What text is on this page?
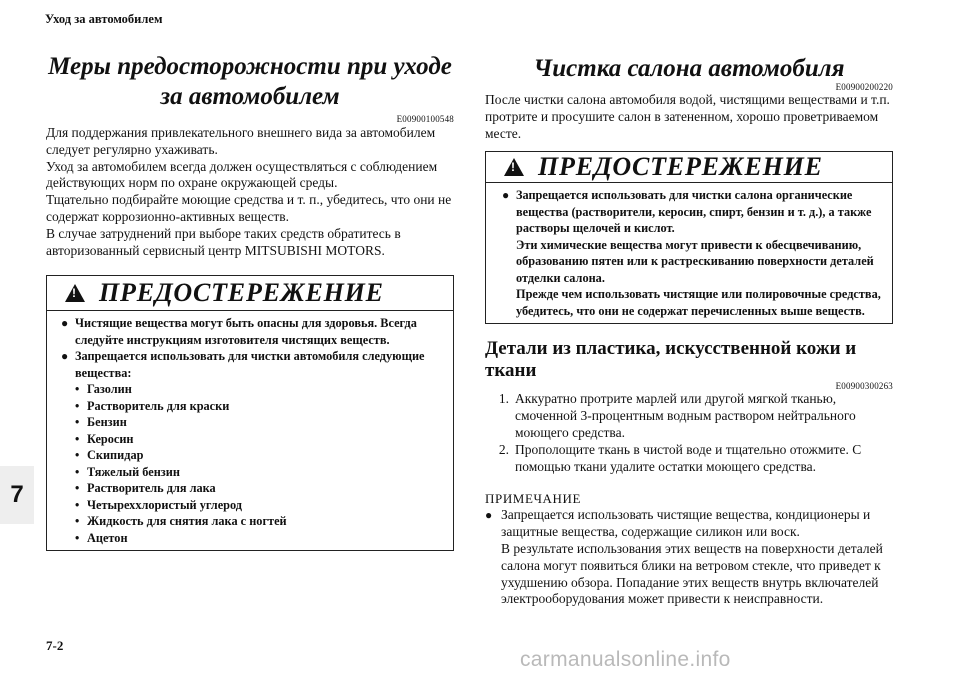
Уход за автомобилем
7
7-2
carmanualsonline.info
Меры предосторожности при уходе
за автомобилем
E00900100548

Для поддержания привлекательного внешнего вида за автомобилем следует регулярно ухаживать.

Уход за автомобилем всегда должен осуществляться с соблюдением действующих норм по охране окружающей среды.

Тщательно подбирайте моющие средства и т. п., убедитесь, что они не содержат коррозионно-активных веществ.

В случае затруднений при выборе таких средств обратитесь в авторизованный сервисный центр MITSUBISHI MOTORS.

!
ПРЕДОСТЕРЕЖЕНИЕ
● Чистящие вещества могут быть опасны для здоровья. Всегда следуйте инструкциям изготовителя чистящих веществ.
● Запрещается использовать для чистки автомобиля следующие вещества:
• Газолин
• Растворитель для краски
• Бензин
• Керосин
• Скипидар
• Тяжелый бензин
• Растворитель для лака
• Четыреххлористый углерод
• Жидкость для снятия лака с ногтей
• Ацетон
Чистка салона автомобиля
E00900200220
После чистки салона автомобиля водой, чистящими веществами и т.п. протрите и просушите салон в затененном, хорошо проветриваемом месте.
!
ПРЕДОСТЕРЕЖЕНИЕ
● Запрещается использовать для чистки салона органические вещества (растворители, керосин, спирт, бензин и т. д.), а также растворы щелочей и кислот.
Эти химические вещества могут привести к обесцвечиванию, образованию пятен или к растрескиванию поверхности деталей отделки салона.
Прежде чем использовать чистящие или полировочные средства, убедитесь, что они не содержат перечисленных выше веществ.
Детали из пластика, искусственной кожи и ткани
E00900300263
1. Аккуратно протрите марлей или другой мягкой тканью, смоченной 3-процентным водным раствором нейтрального моющего средства.
2. Прополощите ткань в чистой воде и тщательно отожмите. С помощью ткани удалите остатки моющего средства.
ПРИМЕЧАНИЕ
● Запрещается использовать чистящие вещества, кондиционеры и защитные вещества, содержащие силикон или воск.
В результате использования этих веществ на поверхности деталей салона могут появиться блики на ветровом стекле, что приведет к ухудшению обзора. Попадание этих веществ внутрь включателей электрооборудования может привести к неисправности.
